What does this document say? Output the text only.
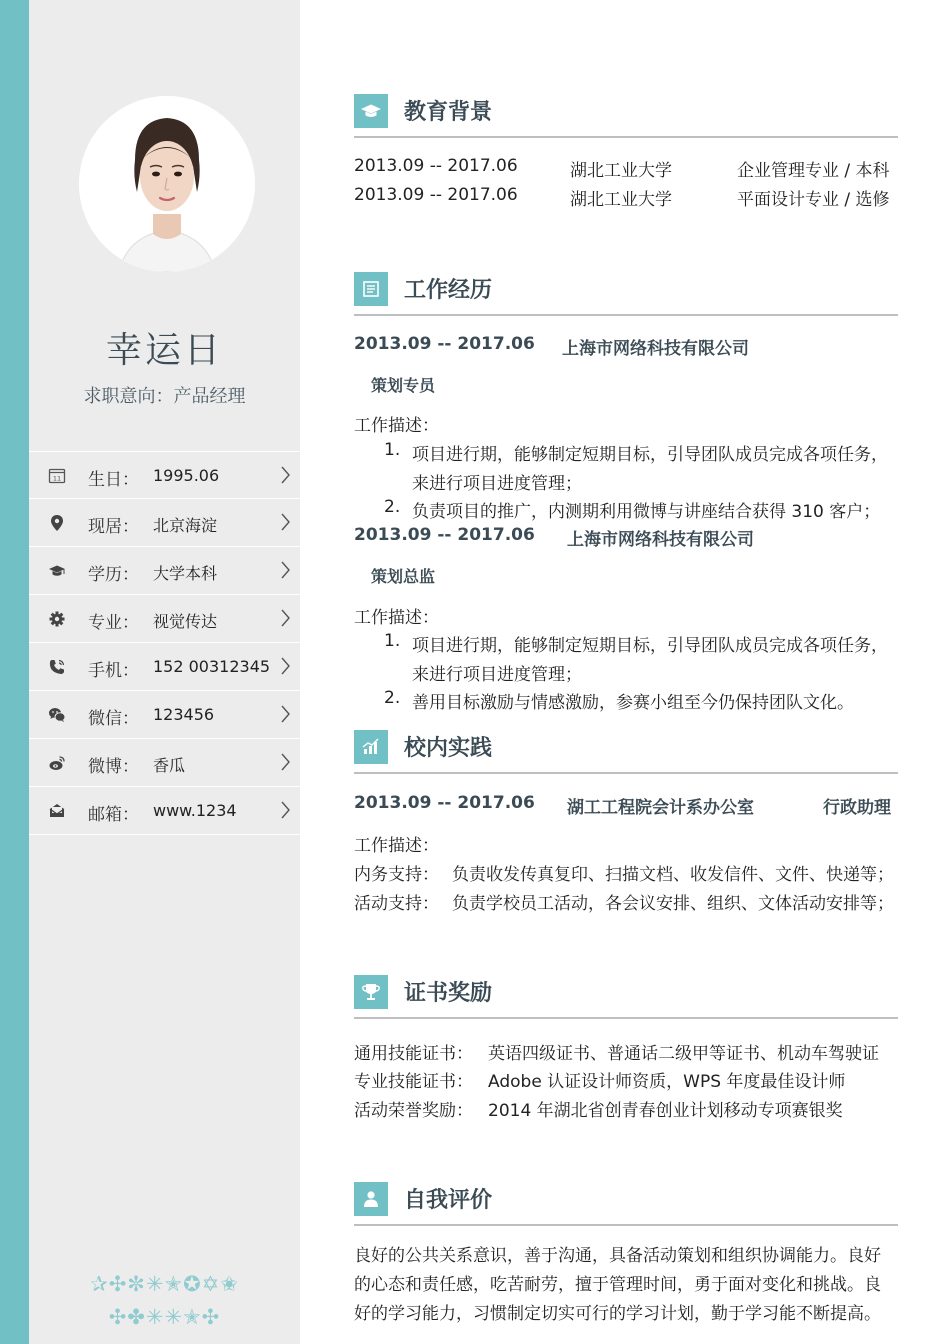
幸运日
求职意向：产品经理
11 生日： 1995.06
现居： 北京海淀
学历： 大学本科
专业： 视觉传达
手机： 152 00312345
微信： 123456
微博： 香瓜
邮箱： www.1234
✰✣✼✳✭✪✡✬
✣✤✳✳✭✣
教育背景
2013.09 -- 2017.06	湖北工业大学	企业管理专业 / 本科
2013.09 -- 2017.06	湖北工业大学	平面设计专业 / 选修
工作经历
2013.09 -- 2017.06 上海市网络科技有限公司
策划专员
工作描述：
1. 项目进行期，能够制定短期目标，引导团队成员完成各项任务，
来进行项目进度管理；
2. 负责项目的推广，内测期利用微博与讲座结合获得 310 客户；
2013.09 -- 2017.06 上海市网络科技有限公司
策划总监
工作描述：
1. 项目进行期，能够制定短期目标，引导团队成员完成各项任务，
来进行项目进度管理；
2. 善用目标激励与情感激励，参赛小组至今仍保持团队文化。
校内实践
2013.09 -- 2017.06 湖工工程院会计系办公室	行政助理
工作描述：
内务支持： 负责收发传真复印、扫描文档、收发信件、文件、快递等；
活动支持： 负责学校员工活动，各会议安排、组织、文体活动安排等；
证书奖励
通用技能证书： 英语四级证书、普通话二级甲等证书、机动车驾驶证
专业技能证书： Adobe 认证设计师资质，WPS 年度最佳设计师
活动荣誉奖励： 2014 年湖北省创青春创业计划移动专项赛银奖
自我评价
良好的公共关系意识，善于沟通，具备活动策划和组织协调能力。良好
的心态和责任感，吃苦耐劳，擅于管理时间，勇于面对变化和挑战。良
好的学习能力，习惯制定切实可行的学习计划，勤于学习能不断提高。
